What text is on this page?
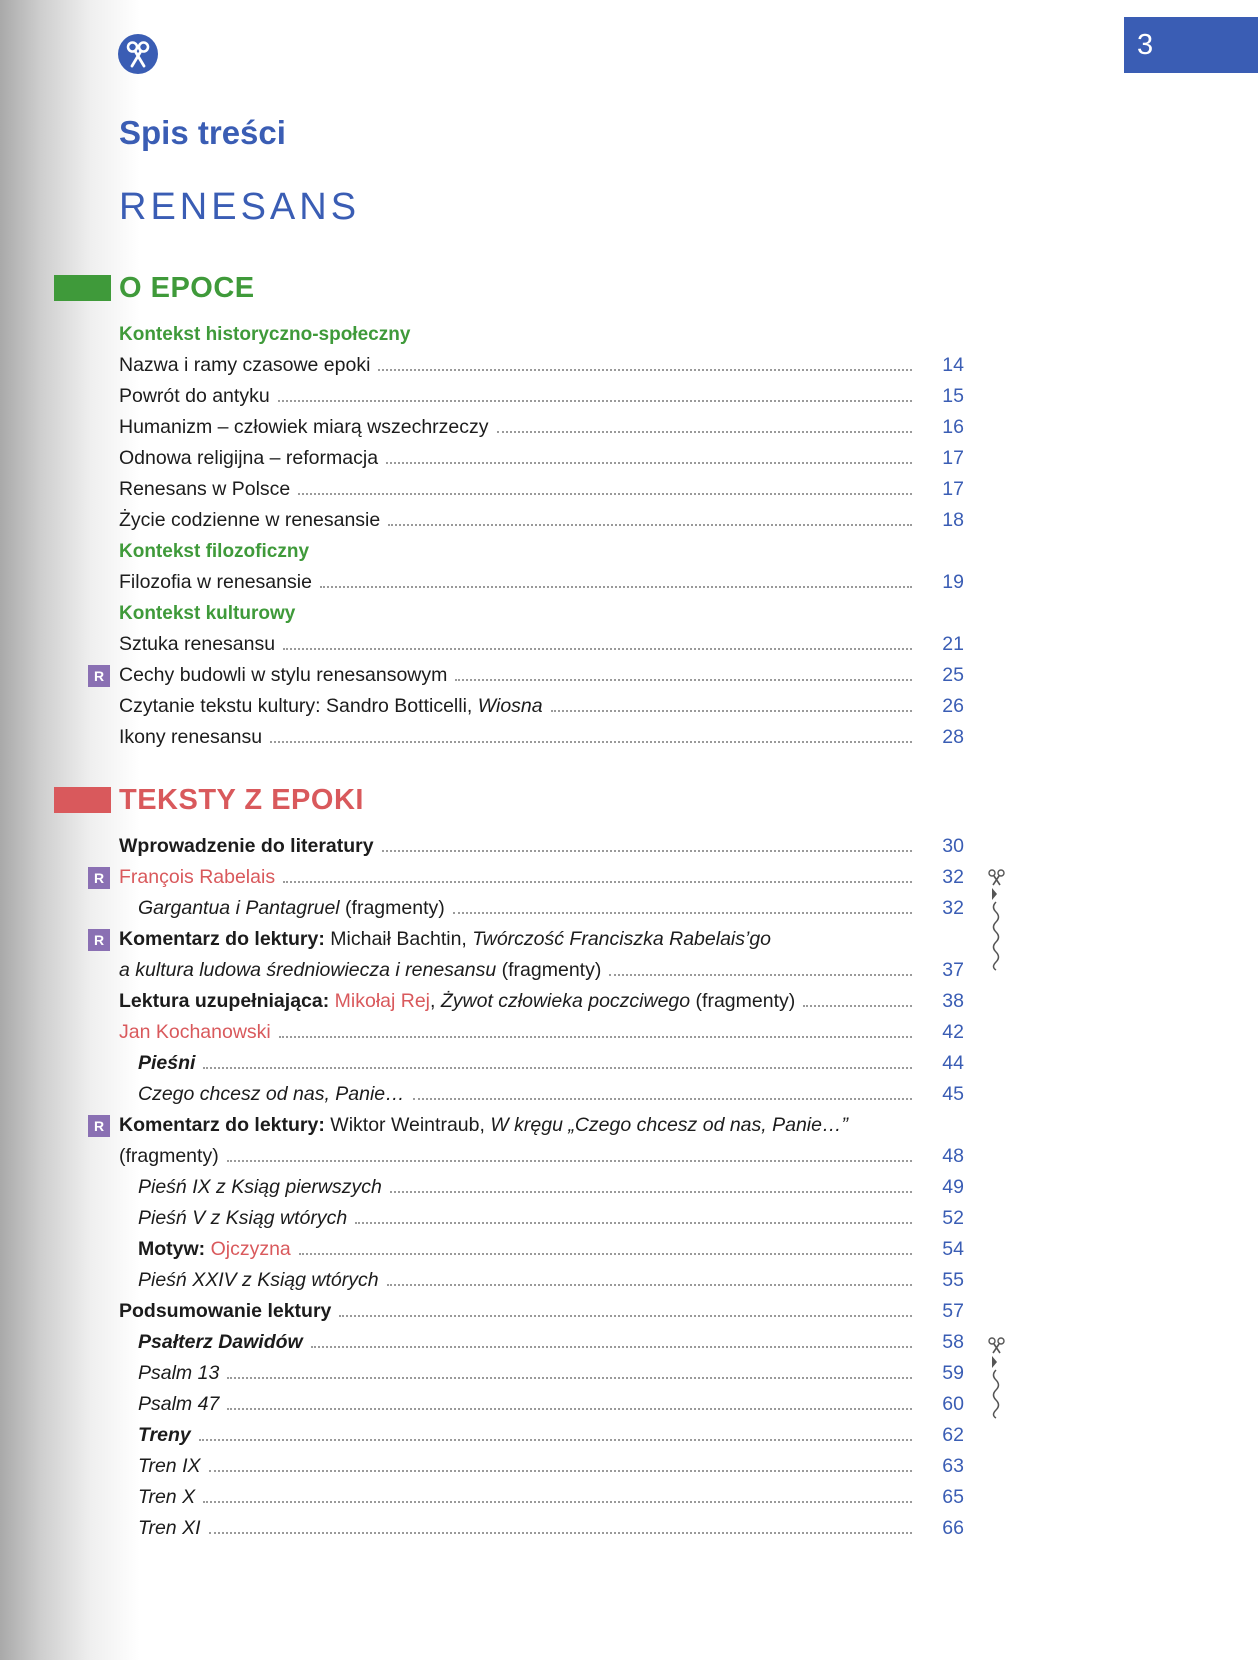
3
Spis treści
RENESANS
O EPOCE
Kontekst historyczno-społeczny
Nazwa i ramy czasowe epoki	14
Powrót do antyku	15
Humanizm – człowiek miarą wszechrzeczy	16
Odnowa religijna – reformacja	17
Renesans w Polsce	17
Życie codzienne w renesansie	18
Kontekst filozoficzny
Filozofia w renesansie	19
Kontekst kulturowy
Sztuka renesansu	21
R Cechy budowli w stylu renesansowym	25
Czytanie tekstu kultury: Sandro Botticelli, Wiosna	26
Ikony renesansu	28
TEKSTY Z EPOKI
Wprowadzenie do literatury	30
R François Rabelais	32
Gargantua i Pantagruel (fragmenty)	32
R Komentarz do lektury: Michaił Bachtin, Twórczość Franciszka Rabelais’go
a kultura ludowa średniowiecza i renesansu (fragmenty)	37
Lektura uzupełniająca: Mikołaj Rej, Żywot człowieka poczciwego (fragmenty)	38
Jan Kochanowski	42
Pieśni	44
Czego chcesz od nas, Panie…	45
R Komentarz do lektury: Wiktor Weintraub, W kręgu „Czego chcesz od nas, Panie…”
(fragmenty)	48
Pieśń IX z Ksiąg pierwszych	49
Pieśń V z Ksiąg wtórych	52
Motyw: Ojczyzna	54
Pieśń XXIV z Ksiąg wtórych	55
Podsumowanie lektury	57
Psałterz Dawidów	58
Psalm 13	59
Psalm 47	60
Treny	62
Tren IX	63
Tren X	65
Tren XI	66
